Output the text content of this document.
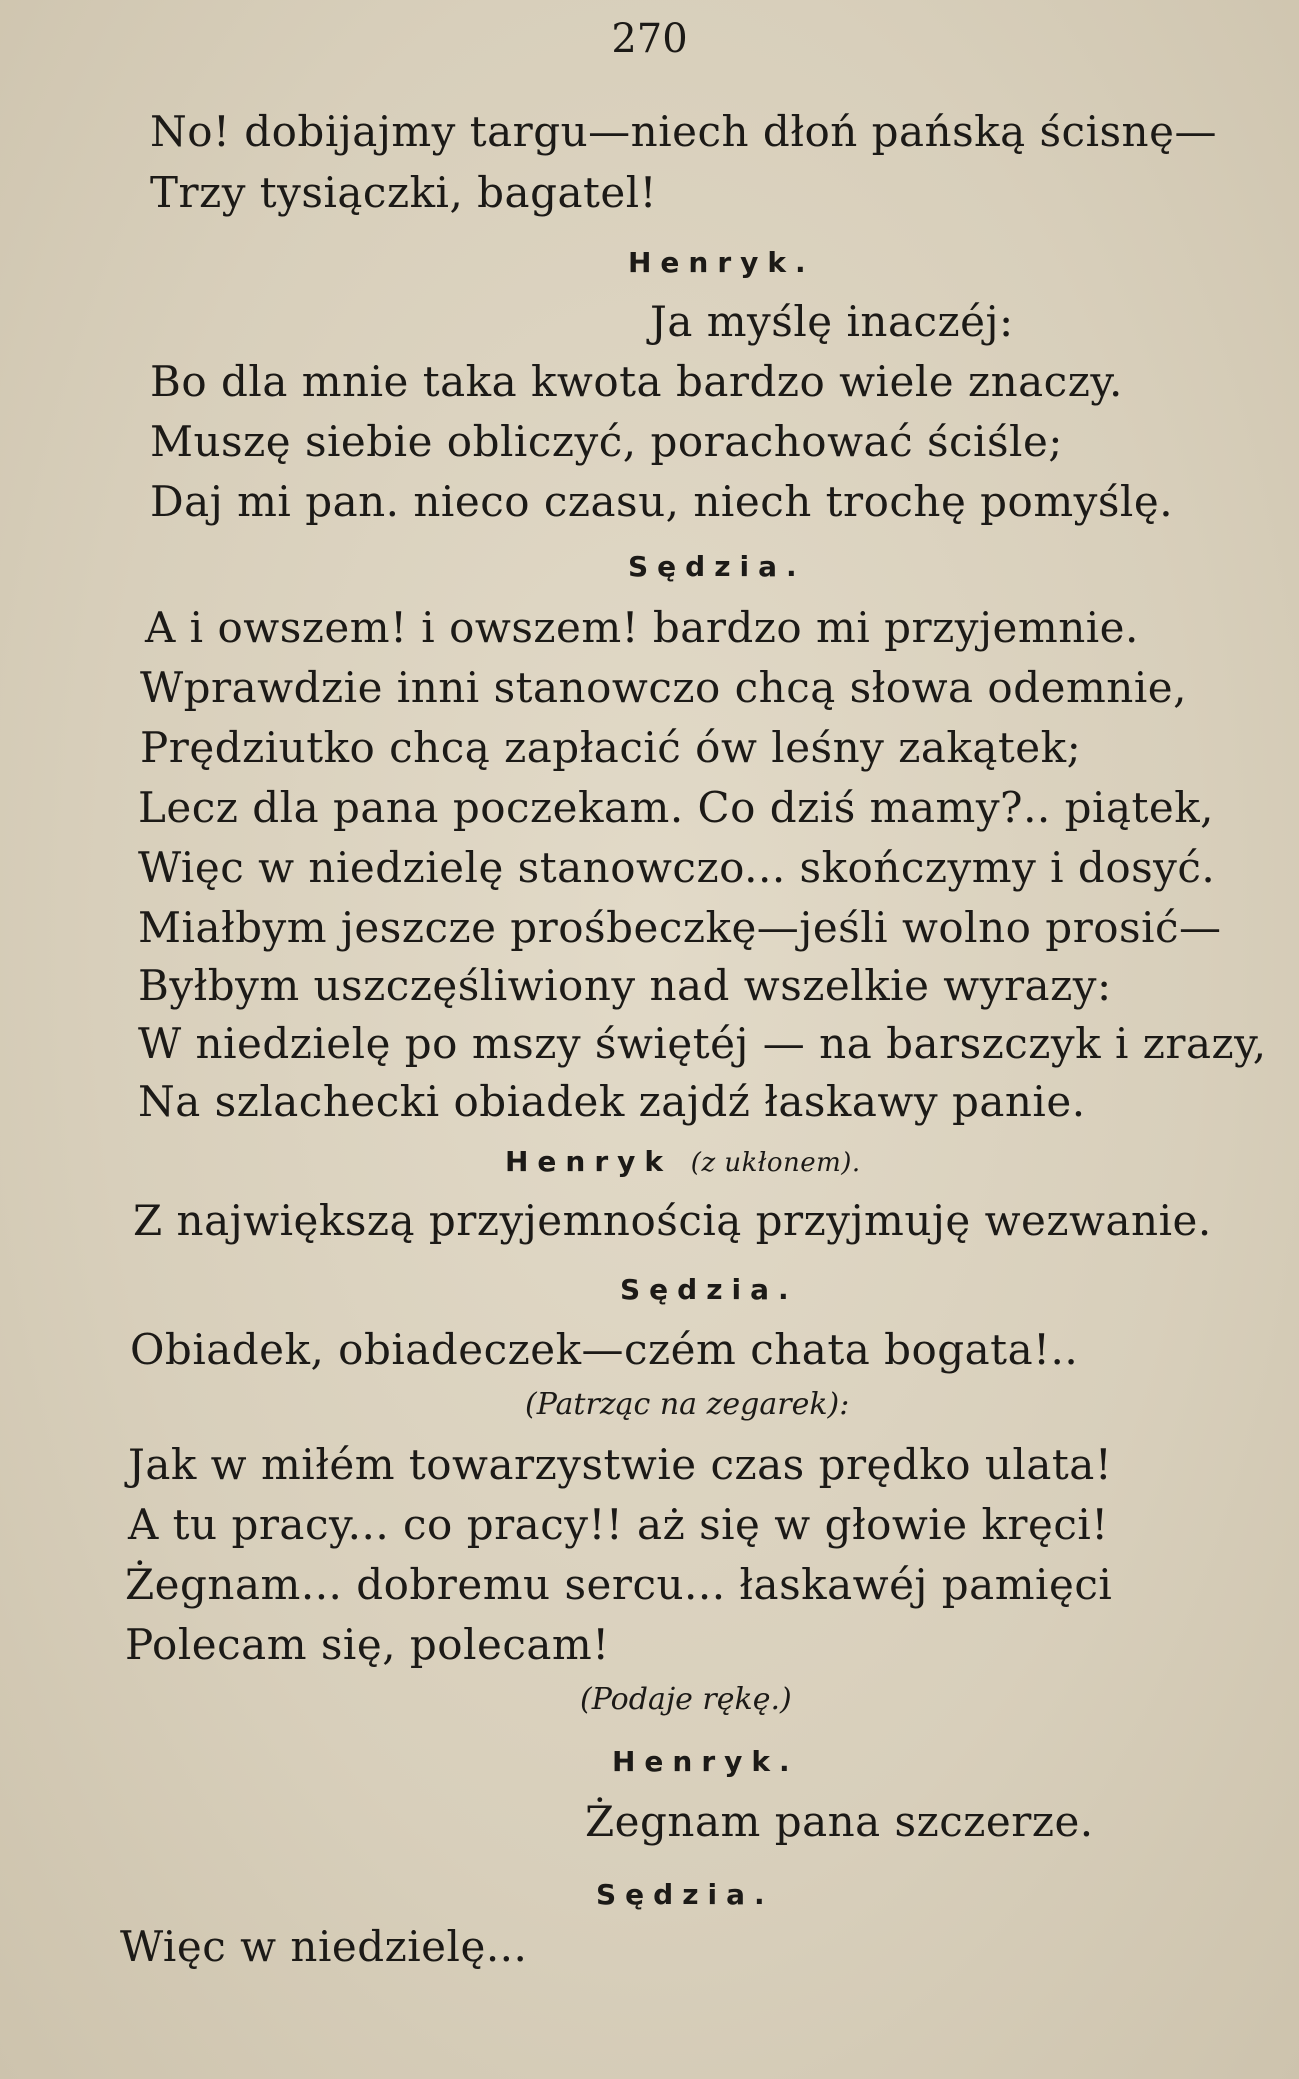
270
No! dobijajmy targu—niech dłoń pańską ścisnę—
Trzy tysiączki, bagatel!
Henryk.
Ja myślę inaczéj:
Bo dla mnie taka kwota bardzo wiele znaczy.
Muszę siebie obliczyć, porachować ściśle;
Daj mi pan. nieco czasu, niech trochę pomyślę.
Sędzia.
A i owszem! i owszem! bardzo mi przyjemnie.
Wprawdzie inni stanowczo chcą słowa odemnie,
Prędziutko chcą zapłacić ów leśny zakątek;
Lecz dla pana poczekam. Co dziś mamy?.. piątek,
Więc w niedzielę stanowczo... skończymy i dosyć.
Miałbym jeszcze prośbeczkę—jeśli wolno prosić—
Byłbym uszczęśliwiony nad wszelkie wyrazy:
W niedzielę po mszy świętéj — na barszczyk i zrazy,
Na szlachecki obiadek zajdź łaskawy panie.
Henryk (z ukłonem).
Z największą przyjemnością przyjmuję wezwanie.
Sędzia.
Obiadek, obiadeczek—czém chata bogata!..
(Patrząc na zegarek):
Jak w miłém towarzystwie czas prędko ulata!
A tu pracy... co pracy!! aż się w głowie kręci!
Żegnam... dobremu sercu... łaskawéj pamięci
Polecam się, polecam!
(Podaje rękę.)
Henryk.
Żegnam pana szczerze.
Sędzia.
Więc w niedzielę...
